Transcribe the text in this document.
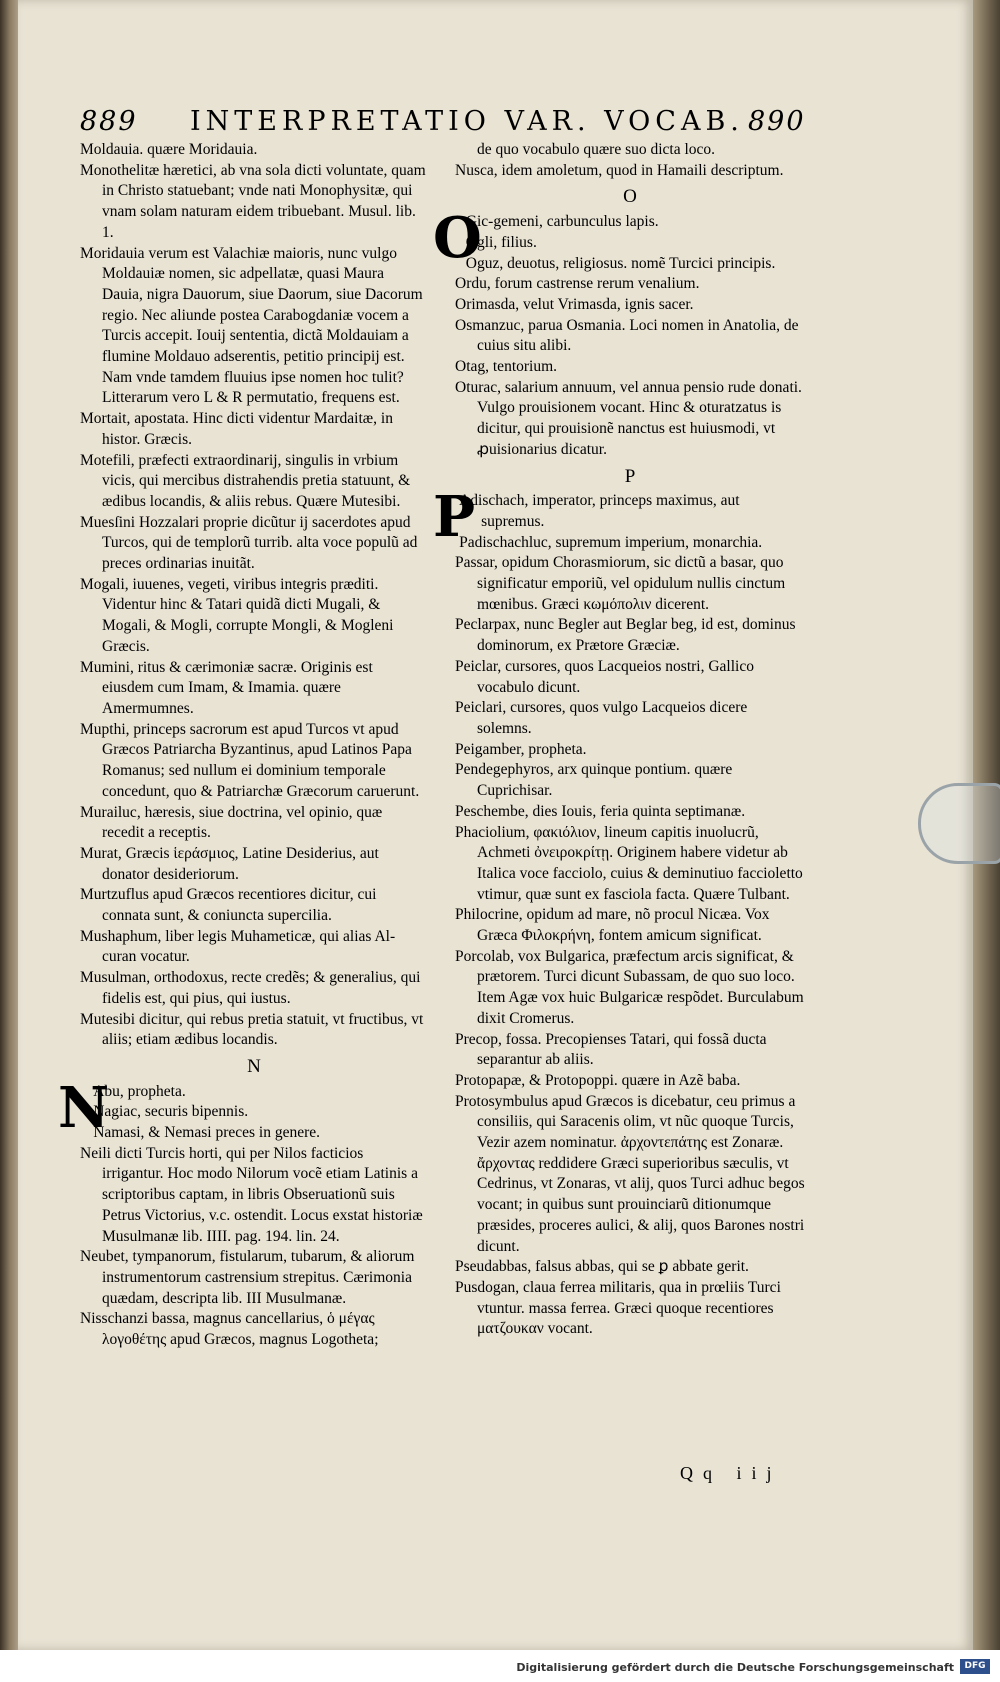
889 INTERPRETATIO VAR. VOCAB. 890

Moldauia. quære Moridauia.

Monothelitæ hæretici, ab vna sola dicti voluntate, quam in Christo statuebant; vnde nati Monophysitæ, qui vnam solam naturam eidem tribuebant. Musul. lib. 1.

Moridauia verum est Valachiæ maioris, nunc vulgo Moldauiæ nomen, sic adpellatæ, quasi Maura Dauia, nigra Dauorum, siue Daorum, siue Dacorum regio. Nec aliunde postea Carabogdaniæ vocem a Turcis accepit. Iouij sententia, dictã Moldauiam a flumine Moldauo adserentis, petitio principij est. Nam vnde tamdem fluuius ipse nomen hoc tulit? Litterarum vero L & R permutatio, frequens est.

Mortait, apostata. Hinc dicti videntur Mardaitæ, in histor. Græcis.

Motefili, præfecti extraordinarij, singulis in vrbium vicis, qui mercibus distrahendis pretia statuunt, & ædibus locandis, & aliis rebus. Quære Mutesibi.

Muesſini Hozzalari proprie dicũtur ij sacerdotes apud Turcos, qui de templorũ turrib. alta voce populũ ad preces ordinarias inuitãt.

Mogali, iuuenes, vegeti, viribus integris præditi. Videntur hinc & Tatari quidã dicti Mugali, & Mogali, & Mogli, corrupte Mongli, & Mogleni Græcis.

Mumini, ritus & cærimoniæ sacræ. Originis est eiusdem cum Imam, & Imamia. quære Amermumnes.

Mupthi, princeps sacrorum est apud Turcos vt apud Græcos Patriarcha Byzantinus, apud Latinos Papa Romanus; sed nullum ei dominium temporale concedunt, quo & Patriarchæ Græcorum caruerunt.

Murailuc, hæresis, siue doctrina, vel opinio, quæ recedit a receptis.

Murat, Græcis ἱεράσμιος, Latine Desiderius, aut donator desideriorum.

Murtzuflus apud Græcos recentiores dicitur, cui connata sunt, & coniuncta supercilia.

Mushaphum, liber legis Muhameticæ, qui alias Al-curan vocatur.

Musulman, orthodoxus, recte credẽs; & generalius, qui fidelis est, qui pius, qui iustus.

Mutesibi dicitur, qui rebus pretia statuit, vt fructibus, vt aliis; etiam ædibus locandis.

N

N
Abu, propheta.

Nagiac, securis bipennis.

Namasi, & Nemasi preces in genere.

Neili dicti Turcis horti, qui per Nilos facticios irrigantur. Hoc modo Nilorum vocẽ etiam Latinis a scriptoribus captam, in libris Obseruationũ suis Petrus Victorius, v.c. ostendit. Locus exstat historiæ Musulmanæ lib. IIII. pag. 194. lin. 24.

Neubet, tympanorum, fistularum, tubarum, & aliorum instrumentorum castrensium strepitus. Cærimonia quædam, descripta lib. III Musulmanæ.

Nisschanzi bassa, magnus cancellarius, ὁ μέγας λογοθέτης apud Græcos, magnus Logotheta;

de quo vocabulo quære suo dicta loco.

Nusca, idem amoletum, quod in Hamaili descriptum.

O

O
Gic-gemeni, carbunculus lapis.

Ogli, filius.

Oguz, deuotus, religiosus. nomẽ Turcici principis.

Ordu, forum castrense rerum venalium.

Orimasda, velut Vrimasda, ignis sacer.

Osmanzuc, parua Osmania. Loci nomen in Anatolia, de cuius situ alibi.

Otag, tentorium.

Oturac, salarium annuum, vel annua pensio rude donati. Vulgo prouisionem vocant. Hinc & oturatzatus is dicitur, qui prouisionẽ nanctus est huiusmodi, vt ꝓuisionarius dicatur.

P

P
Adischach, imperator, princeps maximus, aut supremus.

Padischachluc, supremum imperium, monarchia.

Passar, opidum Chorasmiorum, sic dictũ a basar, quo significatur emporiũ, vel opidulum nullis cinctum mœnibus. Græci κωμόπολιν dicerent.

Peclarpax, nunc Begler aut Beglar beg, id est, dominus dominorum, ex Prætore Græciæ.

Peiclar, cursores, quos Lacqueios nostri, Gallico vocabulo dicunt.

Peiclari, cursores, quos vulgo Lacqueios dicere solemns.

Peigamber, propheta.

Pendegephyros, arx quinque pontium. quære Cuprichisar.

Peschembe, dies Iouis, feria quinta septimanæ.

Phaciolium, φακιόλιον, lineum capitis inuolucrũ, Achmeti ὀνειροκρίτῃ. Originem habere videtur ab Italica voce facciolo, cuius & deminutiuo faccioletto vtimur, quæ sunt ex fasciola facta. Quære Tulbant.

Philocrine, opidum ad mare, nõ procul Nicæa. Vox Græca Φιλοκρήνη, fontem amicum significat.

Porcolab, vox Bulgarica, præfectum arcis significat, & prætorem. Turci dicunt Subassam, de quo suo loco. Item Agæ vox huic Bulgaricæ respõdet. Burculabum dixit Cromerus.

Precop, fossa. Precopienses Tatari, qui fossã ducta separantur ab aliis.

Protopapæ, & Protopoppi. quære in Azẽ baba.

Protosymbulus apud Græcos is dicebatur, ceu primus a consiliis, qui Saracenis olim, vt nũc quoque Turcis, Vezir azem nominatur. ἀρχοντεπάτης est Zonaræ. ἄρχοντας reddidere Græci superioribus sæculis, vt Cedrinus, vt Zonaras, vt alij, quos Turci adhuc begos vocant; in quibus sunt prouinciarũ ditionumque præsides, proceres aulici, & alij, quos Barones nostri dicunt.

Pseudabbas, falsus abbas, qui se ꝑ abbate gerit.

Pusdogan, claua ferrea militaris, qua in prœliis Turci vtuntur. massa ferrea. Græci quoque recentiores ματζουκαν vocant.

Qq iij
Digitalisierung gefördert durch die Deutsche Forschungsgemeinschaft	DFG
